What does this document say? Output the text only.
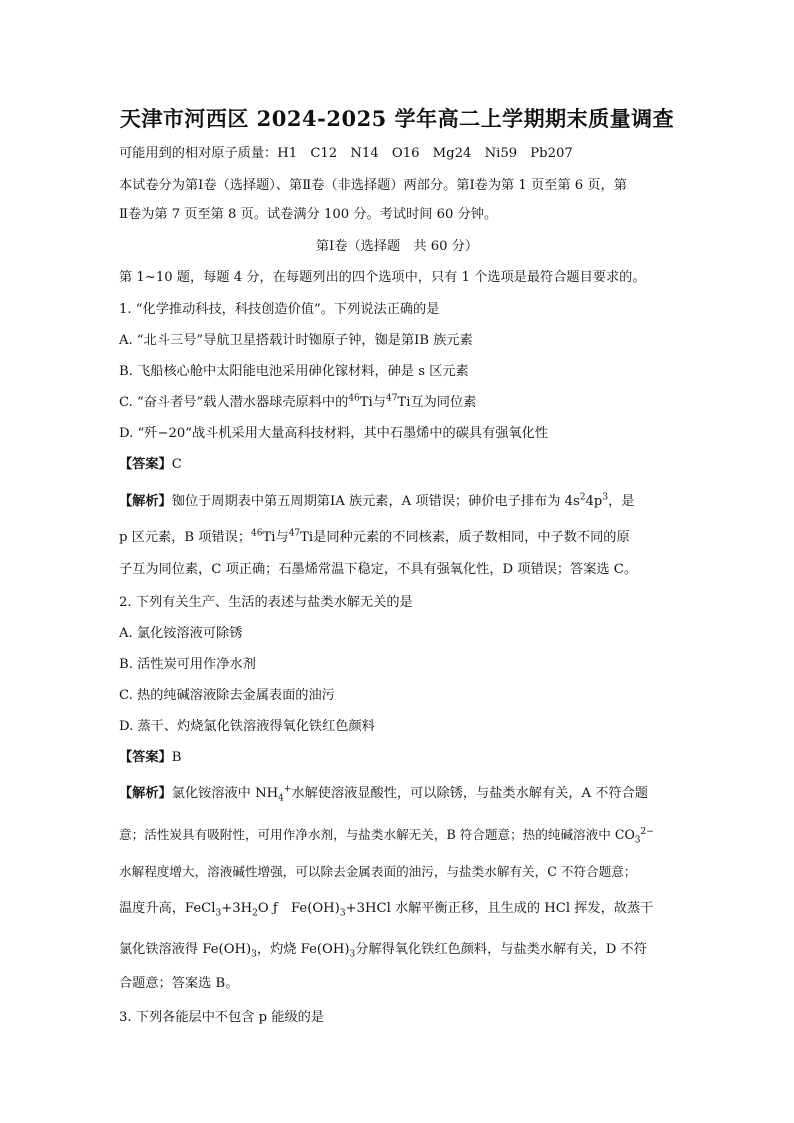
天津市河西区 2024-2025 学年高二上学期期末质量调查
可能用到的相对原子质量：H1　C12　N14　O16　Mg24　Ni59　Pb207
本试卷分为第Ⅰ卷（选择题）、第Ⅱ卷（非选择题）两部分。第Ⅰ卷为第 1 页至第 6 页，第
Ⅱ卷为第 7 页至第 8 页。试卷满分 100 分。考试时间 60 分钟。
第Ⅰ卷（选择题　共 60 分）
第 1~10 题，每题 4 分，在每题列出的四个选项中，只有 1 个选项是最符合题目要求的。
1. “化学推动科技，科技创造价值”。下列说法正确的是
A. “北斗三号”导航卫星搭载计时铷原子钟，铷是第ⅠB 族元素
B. 飞船核心舱中太阳能电池采用砷化镓材料，砷是 s 区元素
C. “奋斗者号”载人潜水器球壳原料中的$^{46}$Ti与$^{47}$Ti互为同位素
D. “歼−20”战斗机采用大量高科技材料，其中石墨烯中的碳具有强氧化性
【答案】C
【解析】铷位于周期表中第五周期第ⅠA 族元素，A 项错误；砷价电子排布为 $4s^24p^3$，是
p 区元素，B 项错误；$^{46}$Ti与$^{47}$Ti是同种元素的不同核素，质子数相同，中子数不同的原
子互为同位素，C 项正确；石墨烯常温下稳定，不具有强氧化性，D 项错误；答案选 C。
2. 下列有关生产、生活的表述与盐类水解无关的是
A. 氯化铵溶液可除锈
B. 活性炭可用作净水剂
C. 热的纯碱溶液除去金属表面的油污
D. 蒸干、灼烧氯化铁溶液得氧化铁红色颜料
【答案】B
【解析】氯化铵溶液中 $NH_4^+$水解使溶液显酸性，可以除锈，与盐类水解有关，A 不符合题
意；活性炭具有吸附性，可用作净水剂，与盐类水解无关，B 符合题意；热的纯碱溶液中 $CO_3^{2-}$
水解程度增大，溶液碱性增强，可以除去金属表面的油污，与盐类水解有关，C 不符合题意；
温度升高，$FeCl_3+3H_2O$ ƒ　$Fe(OH)_3+3HCl$ 水解平衡正移，且生成的 HCl 挥发，故蒸干
氯化铁溶液得 $Fe(OH)_3$，灼烧 $Fe(OH)_3$分解得氧化铁红色颜料，与盐类水解有关，D 不符
合题意；答案选 B。
3. 下列各能层中不包含 p 能级的是
